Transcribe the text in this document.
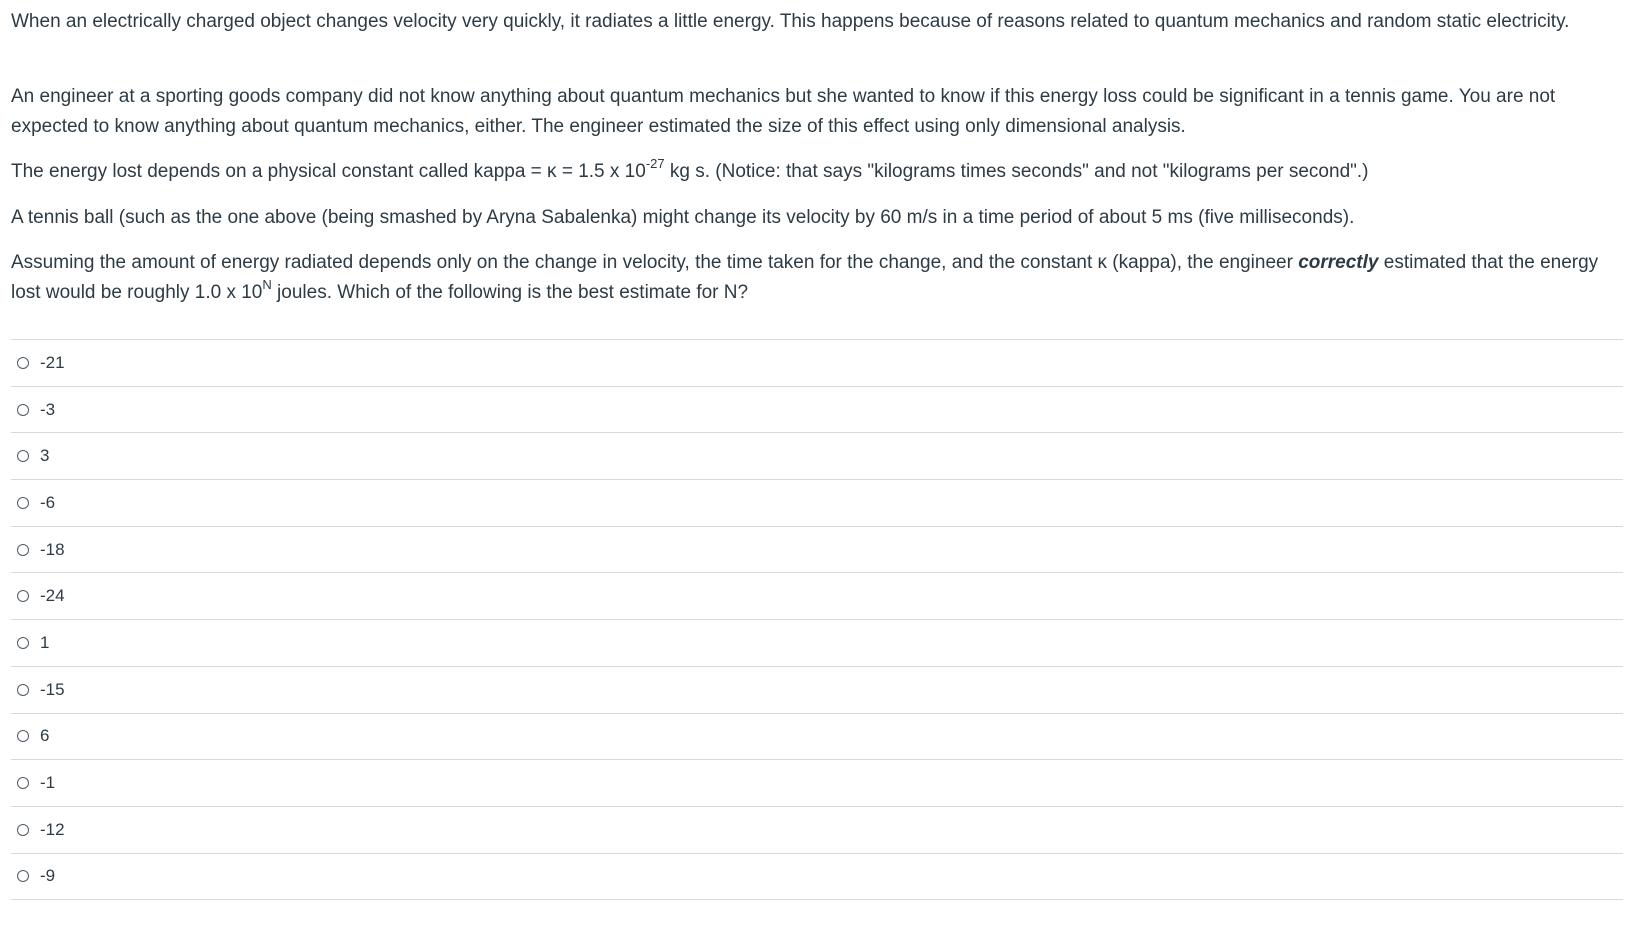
When an electrically charged object changes velocity very quickly, it radiates a little energy. This happens because of reasons related to quantum mechanics and random static electricity.

An engineer at a sporting goods company did not know anything about quantum mechanics but she wanted to know if this energy loss could be significant in a tennis game. You are not expected to know anything about quantum mechanics, either. The engineer estimated the size of this effect using only dimensional analysis.

The energy lost depends on a physical constant called kappa = κ = 1.5 x $10^{-27}$ kg s. (Notice: that says "kilograms times seconds" and not "kilograms per second".)

A tennis ball (such as the one above (being smashed by Aryna Sabalenka) might change its velocity by 60 m/s in a time period of about 5 ms (five milliseconds).

Assuming the amount of energy radiated depends only on the change in velocity, the time taken for the change, and the constant κ (kappa), the engineer correctly estimated that the energy lost would be roughly 1.0 x $10^N$ joules. Which of the following is the best estimate for N?

-21
-3
3
-6
-18
-24
1
-15
6
-1
-12
-9
